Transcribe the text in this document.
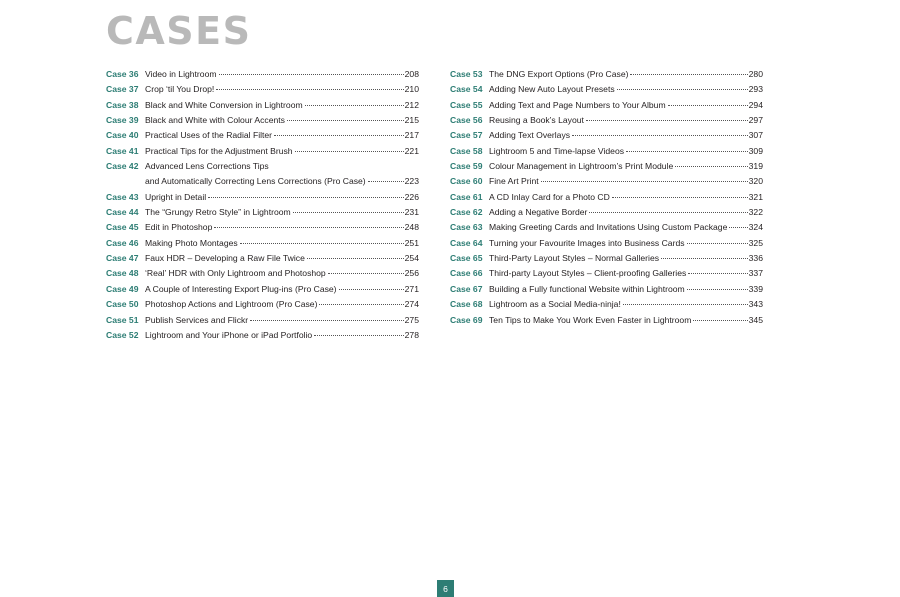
CASES
Case 36 Video in Lightroom	208
Case 37 Crop ‘til You Drop!	210
Case 38 Black and White Conversion in Lightroom	212
Case 39 Black and White with Colour Accents	215
Case 40 Practical Uses of the Radial Filter	217
Case 41 Practical Tips for the Adjustment Brush	221
Case 42 Advanced Lens Corrections Tips
and Automatically Correcting Lens Corrections (Pro Case)	223
Case 43 Upright in Detail	226
Case 44 The “Grungy Retro Style” in Lightroom	231
Case 45 Edit in Photoshop	248
Case 46 Making Photo Montages	251
Case 47 Faux HDR – Developing a Raw File Twice	254
Case 48 ‘Real’ HDR with Only Lightroom and Photoshop	256
Case 49 A Couple of Interesting Export Plug-ins (Pro Case)	271
Case 50 Photoshop Actions and Lightroom (Pro Case)	274
Case 51 Publish Services and Flickr	275
Case 52 Lightroom and Your iPhone or iPad Portfolio	278
Case 53 The DNG Export Options (Pro Case)	280
Case 54 Adding New Auto Layout Presets	293
Case 55 Adding Text and Page Numbers to Your Album	294
Case 56 Reusing a Book’s Layout	297
Case 57 Adding Text Overlays	307
Case 58 Lightroom 5 and Time-lapse Videos	309
Case 59 Colour Management in Lightroom’s Print Module	319
Case 60 Fine Art Print	320
Case 61 A CD Inlay Card for a Photo CD	321
Case 62 Adding a Negative Border	322
Case 63 Making Greeting Cards and Invitations Using Custom Package 324
Case 64 Turning your Favourite Images into Business Cards	325
Case 65 Third-Party Layout Styles – Normal Galleries	336
Case 66 Third-party Layout Styles – Client-proofing Galleries	337
Case 67 Building a Fully functional Website within Lightroom	339
Case 68 Lightroom as a Social Media-ninja!	343
Case 69 Ten Tips to Make You Work Even Faster in Lightroom	345
6
